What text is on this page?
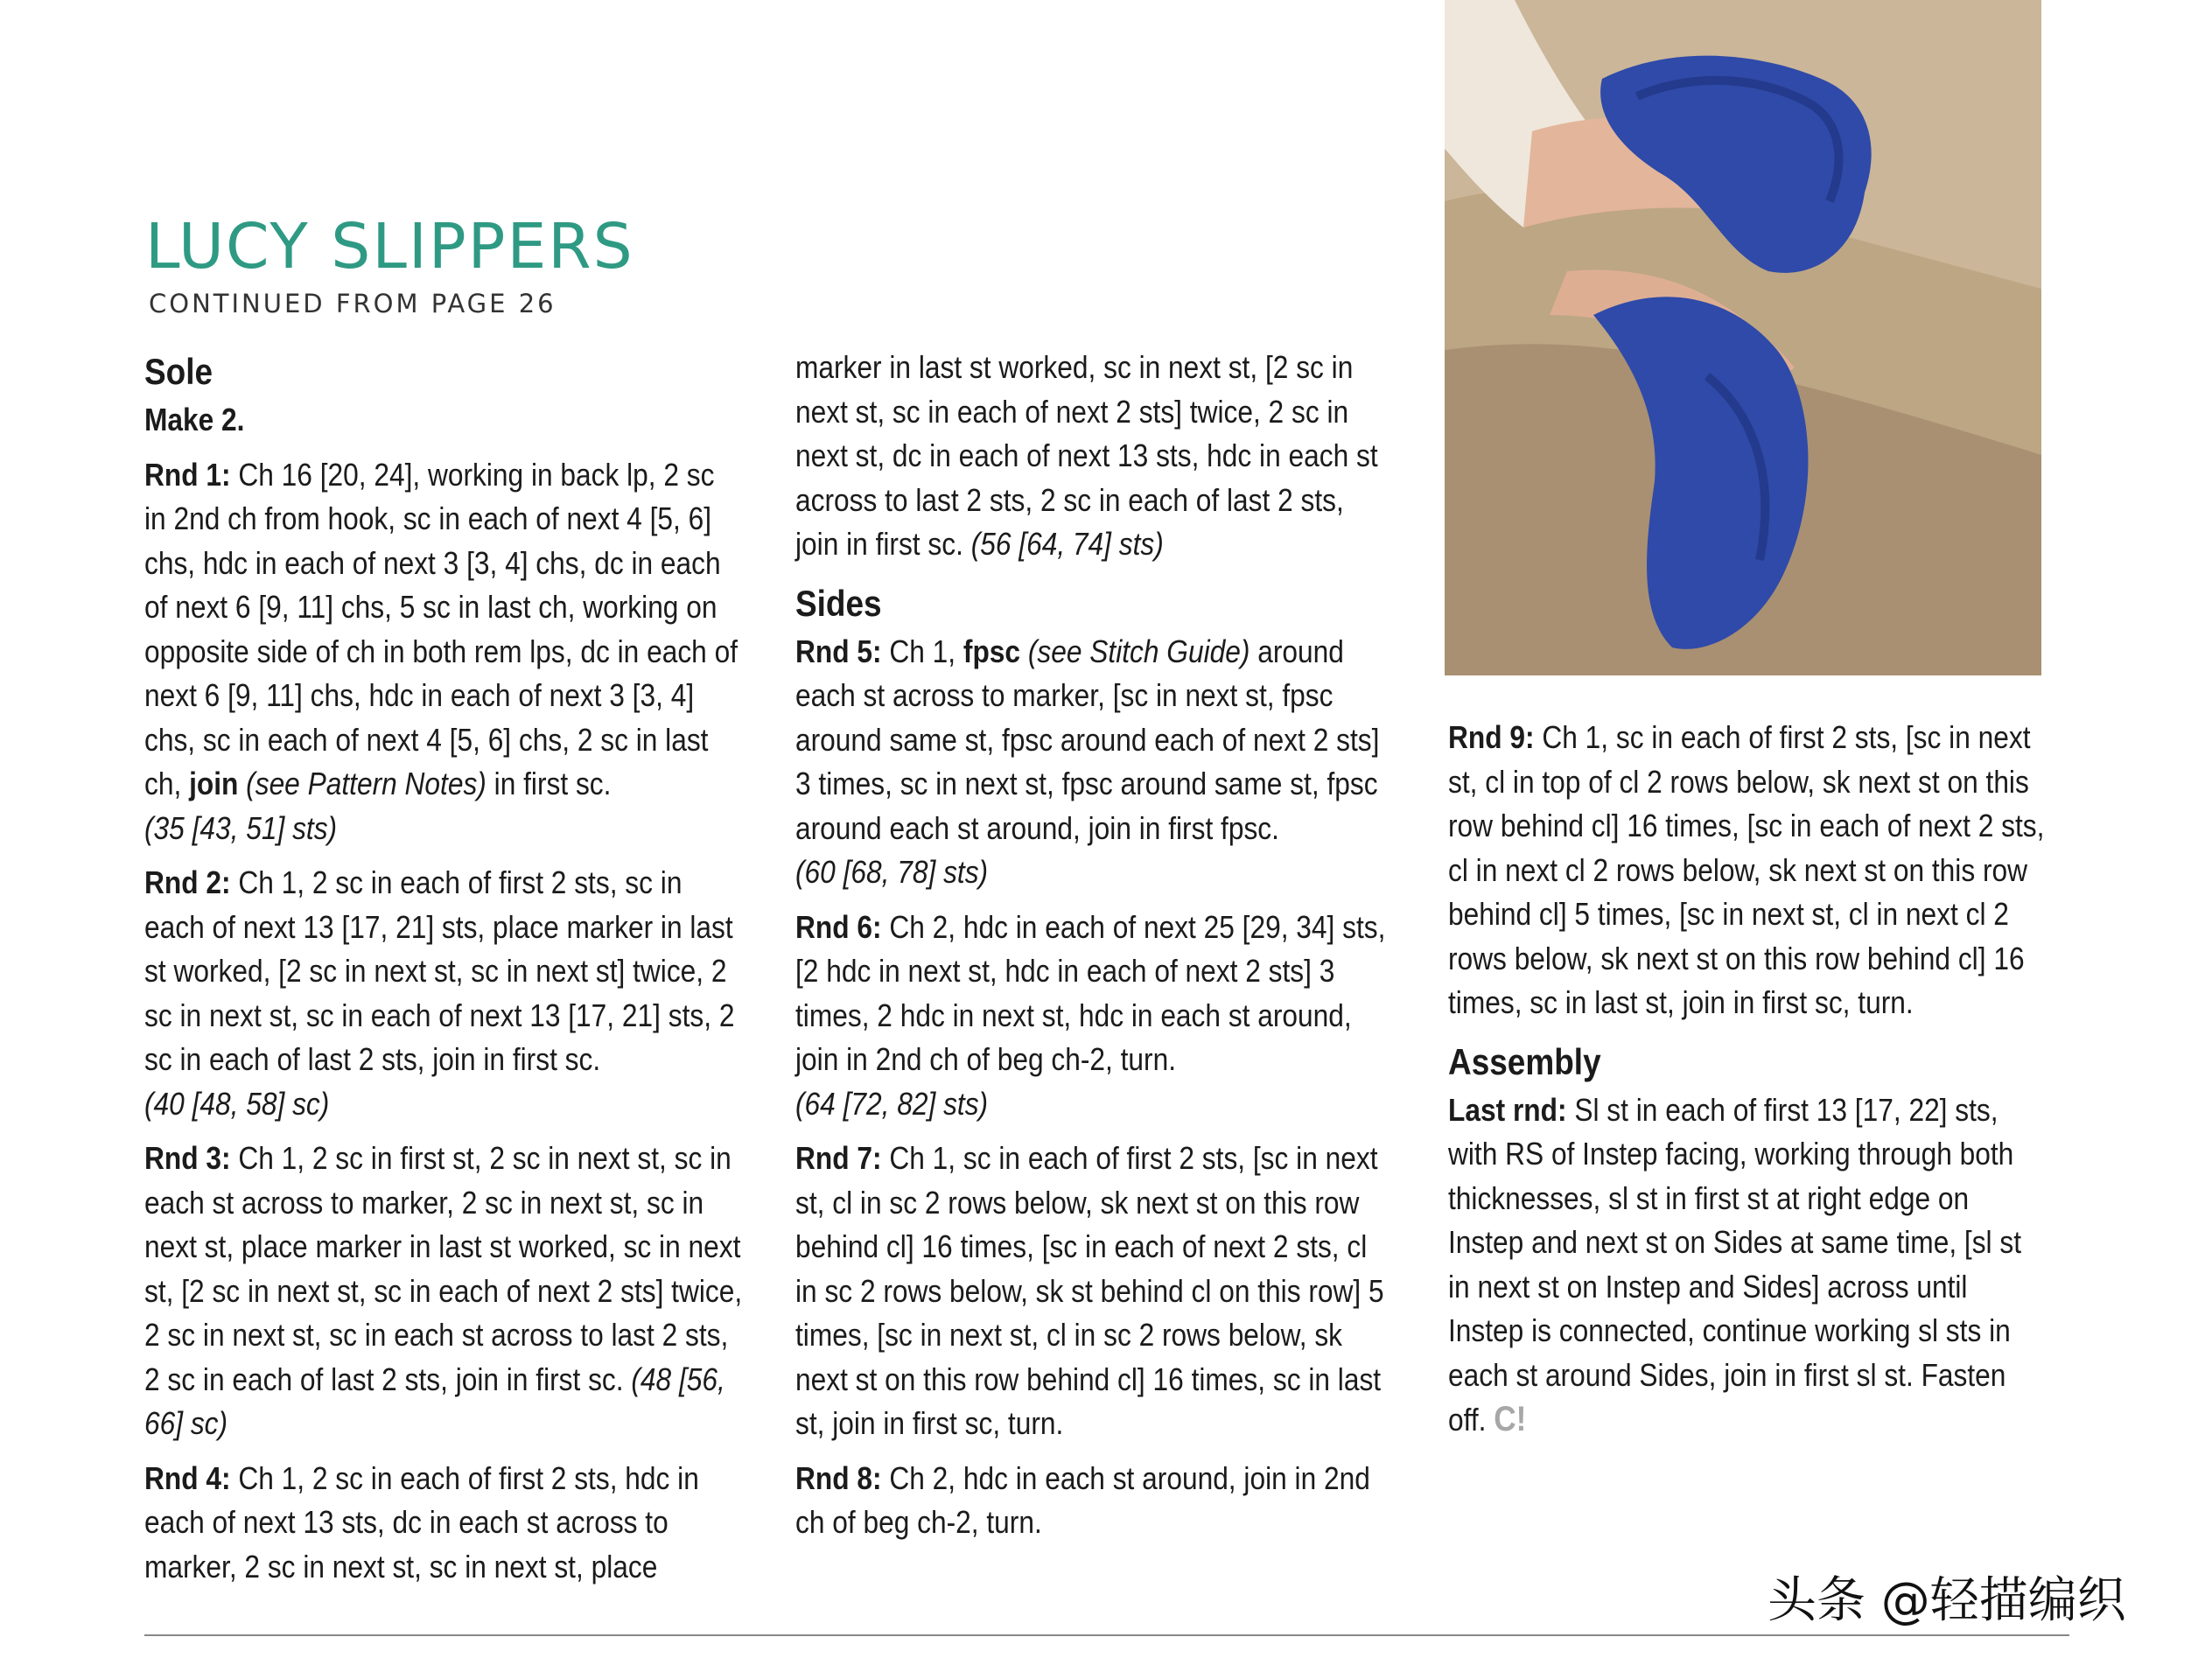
LUCY SLIPPERS
CONTINUED FROM PAGE 26
Sole

Make 2.

Rnd 1: Ch 16 [20, 24], working in back lp, 2 sc in 2nd ch from hook, sc in each of next 4 [5, 6] chs, hdc in each of next 3 [3, 4] chs, dc in each of next 6 [9, 11] chs, 5 sc in last ch, working on opposite side of ch in both rem lps, dc in each of next 6 [9, 11] chs, hdc in each of next 3 [3, 4] chs, sc in each of next 4 [5, 6] chs, 2 sc in last ch, join (see Pattern Notes) in first sc.
(35 [43, 51] sts)

Rnd 2: Ch 1, 2 sc in each of first 2 sts, sc in each of next 13 [17, 21] sts, place marker in last st worked, [2 sc in next st, sc in next st] twice, 2 sc in next st, sc in each of next 13 [17, 21] sts, 2 sc in each of last 2 sts, join in first sc.
(40 [48, 58] sc)

Rnd 3: Ch 1, 2 sc in first st, 2 sc in next st, sc in each st across to marker, 2 sc in next st, sc in next st, place marker in last st worked, sc in next st, [2 sc in next st, sc in each of next 2 sts] twice, 2 sc in next st, sc in each st across to last 2 sts, 2 sc in each of last 2 sts, join in first sc. (48 [56, 66] sc)

Rnd 4: Ch 1, 2 sc in each of first 2 sts, hdc in each of next 13 sts, dc in each st across to marker, 2 sc in next st, sc in next st, place

marker in last st worked, sc in next st, [2 sc in next st, sc in each of next 2 sts] twice, 2 sc in next st, dc in each of next 13 sts, hdc in each st across to last 2 sts, 2 sc in each of last 2 sts, join in first sc. (56 [64, 74] sts)

Sides

Rnd 5: Ch 1, fpsc (see Stitch Guide) around each st across to marker, [sc in next st, fpsc around same st, fpsc around each of next 2 sts] 3 times, sc in next st, fpsc around same st, fpsc around each st around, join in first fpsc.
(60 [68, 78] sts)

Rnd 6: Ch 2, hdc in each of next 25 [29, 34] sts, [2 hdc in next st, hdc in each of next 2 sts] 3 times, 2 hdc in next st, hdc in each st around, join in 2nd ch of beg ch-2, turn.
(64 [72, 82] sts)

Rnd 7: Ch 1, sc in each of first 2 sts, [sc in next st, cl in sc 2 rows below, sk next st on this row behind cl] 16 times, [sc in each of next 2 sts, cl in sc 2 rows below, sk st behind cl on this row] 5 times, [sc in next st, cl in sc 2 rows below, sk next st on this row behind cl] 16 times, sc in last st, join in first sc, turn.

Rnd 8: Ch 2, hdc in each st around, join in 2nd ch of beg ch-2, turn.

Rnd 9: Ch 1, sc in each of first 2 sts, [sc in next st, cl in top of cl 2 rows below, sk next st on this row behind cl] 16 times, [sc in each of next 2 sts, cl in next cl 2 rows below, sk next st on this row behind cl] 5 times, [sc in next st, cl in next cl 2 rows below, sk next st on this row behind cl] 16 times, sc in last st, join in first sc, turn.

Assembly

Last rnd: Sl st in each of first 13 [17, 22] sts, with RS of Instep facing, working through both thicknesses, sl st in first st at right edge on Instep and next st on Sides at same time, [sl st in next st on Instep and Sides] across until Instep is connected, continue working sl sts in each st around Sides, join in first sl st. Fasten off. C!

头条 @轻描编织
